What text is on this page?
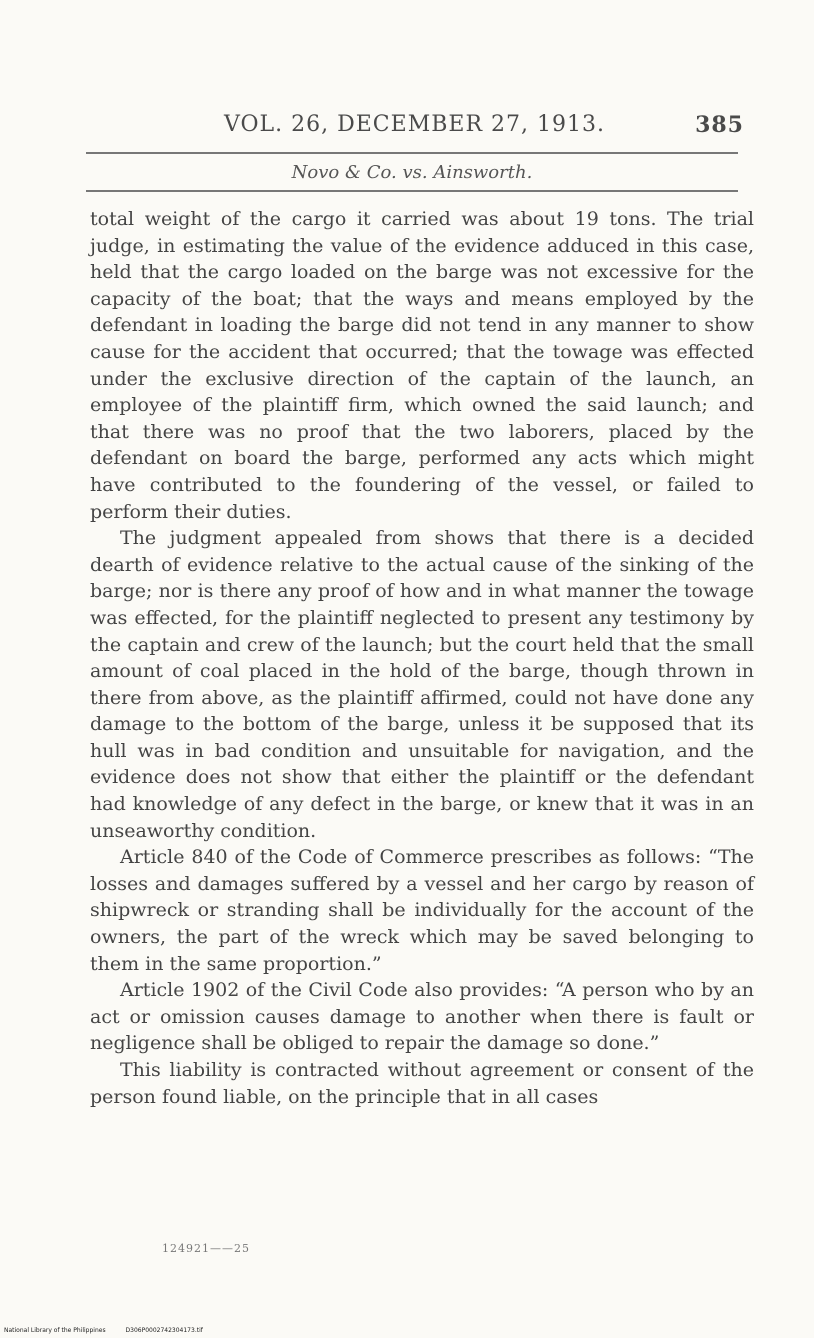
VOL. 26, DECEMBER 27, 1913.	385
Novo & Co. vs. Ainsworth.

total weight of the cargo it carried was about 19 tons. The trial judge, in estimating the value of the evidence adduced in this case, held that the cargo loaded on the barge was not excessive for the capacity of the boat; that the ways and means employed by the defendant in loading the barge did not tend in any manner to show cause for the accident that occurred; that the towage was effected under the exclusive direction of the captain of the launch, an employee of the plaintiff firm, which owned the said launch; and that there was no proof that the two laborers, placed by the defendant on board the barge, performed any acts which might have contributed to the foundering of the vessel, or failed to perform their duties.

The judgment appealed from shows that there is a decided dearth of evidence relative to the actual cause of the sinking of the barge; nor is there any proof of how and in what manner the towage was effected, for the plaintiff neglected to present any testimony by the captain and crew of the launch; but the court held that the small amount of coal placed in the hold of the barge, though thrown in there from above, as the plaintiff affirmed, could not have done any damage to the bottom of the barge, unless it be supposed that its hull was in bad condition and unsuitable for navigation, and the evidence does not show that either the plaintiff or the defendant had knowledge of any defect in the barge, or knew that it was in an unseaworthy condition.

Article 840 of the Code of Commerce prescribes as follows: “The losses and damages suffered by a vessel and her cargo by reason of shipwreck or stranding shall be individually for the account of the owners, the part of the wreck which may be saved belonging to them in the same proportion.”

Article 1902 of the Civil Code also provides: “A person who by an act or omission causes damage to another when there is fault or negligence shall be obliged to repair the damage so done.”

This liability is contracted without agreement or consent of the person found liable, on the principle that in all cases

124921——25
National Library of the Philippines	D306P0002742304173.tif
